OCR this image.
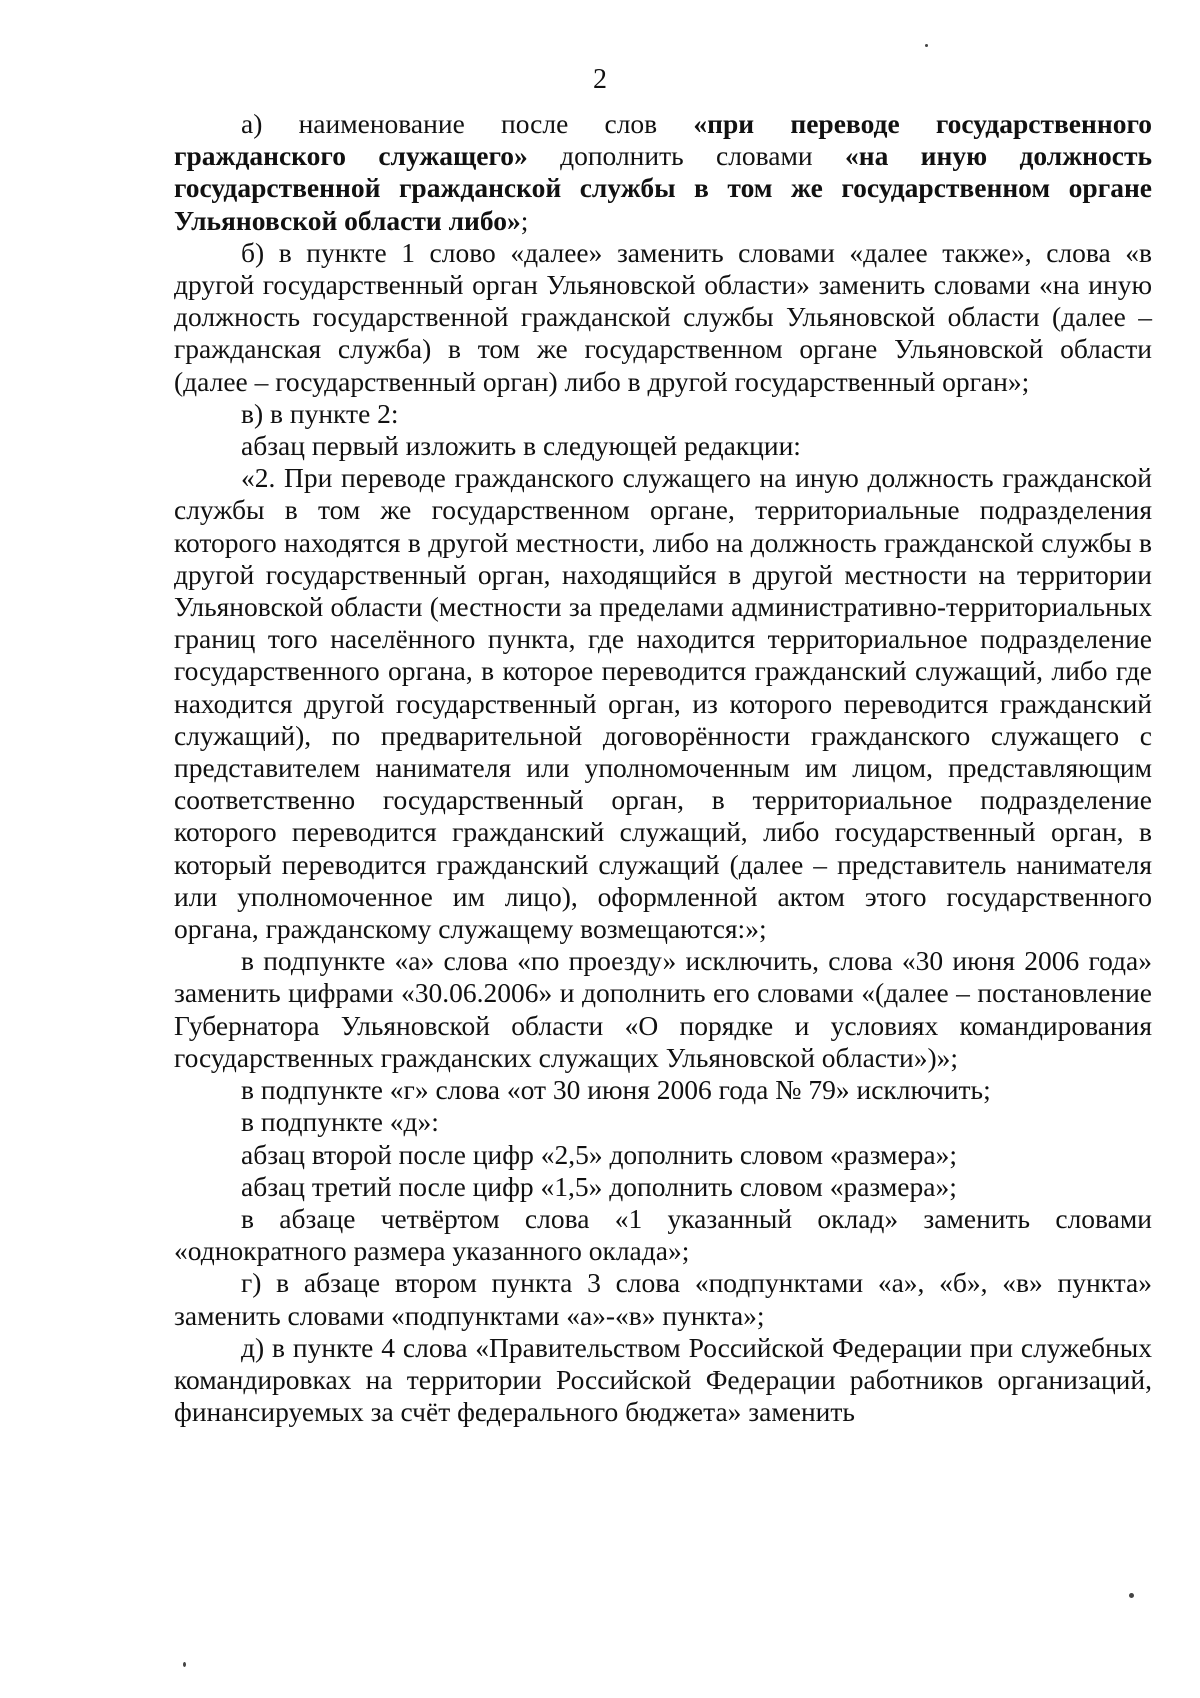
2

а) наименование после слов «при переводе государственного гражданского служащего» дополнить словами «на иную должность государственной гражданской службы в том же государственном органе Ульяновской области либо»;

б) в пункте 1 слово «далее» заменить словами «далее также», слова «в другой государственный орган Ульяновской области» заменить словами «на иную должность государственной гражданской службы Ульяновской области (далее – гражданская служба) в том же государственном органе Ульяновской области (далее – государственный орган) либо в другой государственный орган»;

в) в пункте 2:

абзац первый изложить в следующей редакции:

«2. При переводе гражданского служащего на иную должность гражданской службы в том же государственном органе, территориальные подразделения которого находятся в другой местности, либо на должность гражданской службы в другой государственный орган, находящийся в другой местности на территории Ульяновской области (местности за пределами административно-территориальных границ того населённого пункта, где находится территориальное подразделение государственного органа, в которое переводится гражданский служащий, либо где находится другой государственный орган, из которого переводится гражданский служащий), по предварительной договорённости гражданского служащего с представителем нанимателя или уполномоченным им лицом, представляющим соответственно государственный орган, в территориальное подразделение которого переводится гражданский служащий, либо государственный орган, в который переводится гражданский служащий (далее – представитель нанимателя или уполномоченное им лицо), оформленной актом этого государственного органа, гражданскому служащему возмещаются:»;

в подпункте «а» слова «по проезду» исключить, слова «30 июня 2006 года» заменить цифрами «30.06.2006» и дополнить его словами «(далее – постановление Губернатора Ульяновской области «О порядке и условиях командирования государственных гражданских служащих Ульяновской области»)»;

в подпункте «г» слова «от 30 июня 2006 года № 79» исключить;

в подпункте «д»:

абзац второй после цифр «2,5» дополнить словом «размера»;

абзац третий после цифр «1,5» дополнить словом «размера»;

в абзаце четвёртом слова «1 указанный оклад» заменить словами «однократного размера указанного оклада»;

г) в абзаце втором пункта 3 слова «подпунктами «а», «б», «в» пункта» заменить словами «подпунктами «а»-«в» пункта»;

д) в пункте 4 слова «Правительством Российской Федерации при служебных командировках на территории Российской Федерации работников организаций, финансируемых за счёт федерального бюджета» заменить
